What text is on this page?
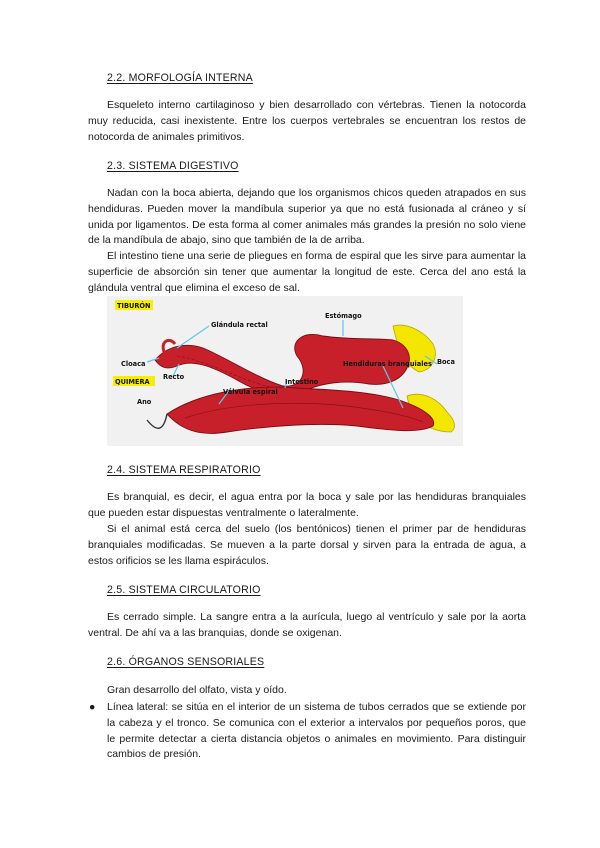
2.2. MORFOLOGÍA INTERNA

Esqueleto interno cartilaginoso y bien desarrollado con vértebras. Tienen la notocorda muy reducida, casi inexistente. Entre los cuerpos vertebrales se encuentran los restos de notocorda de animales primitivos.

2.3. SISTEMA DIGESTIVO

Nadan con la boca abierta, dejando que los organismos chicos queden atrapados en sus hendiduras. Pueden mover la mandíbula superior ya que no está fusionada al cráneo y sí unida por ligamentos. De esta forma al comer animales más grandes la presión no solo viene de la mandíbula de abajo, sino que también de la de arriba.

El intestino tiene una serie de pliegues en forma de espiral que les sirve para aumentar la superficie de absorción sin tener que aumentar la longitud de este. Cerca del ano está la glándula ventral que elimina el exceso de sal.

TIBURÓN
QUIMERA
Glándula rectal
Estómago
Cloaca
Recto
Válvula espiral
Intestino
Hendiduras branquiales Boca
Ano
2.4. SISTEMA RESPIRATORIO

Es branquial, es decir, el agua entra por la boca y sale por las hendiduras branquiales que pueden estar dispuestas ventralmente o lateralmente.

Si el animal está cerca del suelo (los bentónicos) tienen el primer par de hendiduras branquiales modificadas. Se mueven a la parte dorsal y sirven para la entrada de agua, a estos orificios se les llama espiráculos.

2.5. SISTEMA CIRCULATORIO

Es cerrado simple. La sangre entra a la aurícula, luego al ventrículo y sale por la aorta ventral. De ahí va a las branquias, donde se oxigenan.

2.6. ÓRGANOS SENSORIALES

Gran desarrollo del olfato, vista y oído.

● Línea lateral: se sitúa en el interior de un sistema de tubos cerrados que se extiende por la cabeza y el tronco. Se comunica con el exterior a intervalos por pequeños poros, que le permite detectar a cierta distancia objetos o animales en movimiento. Para distinguir cambios de presión.
